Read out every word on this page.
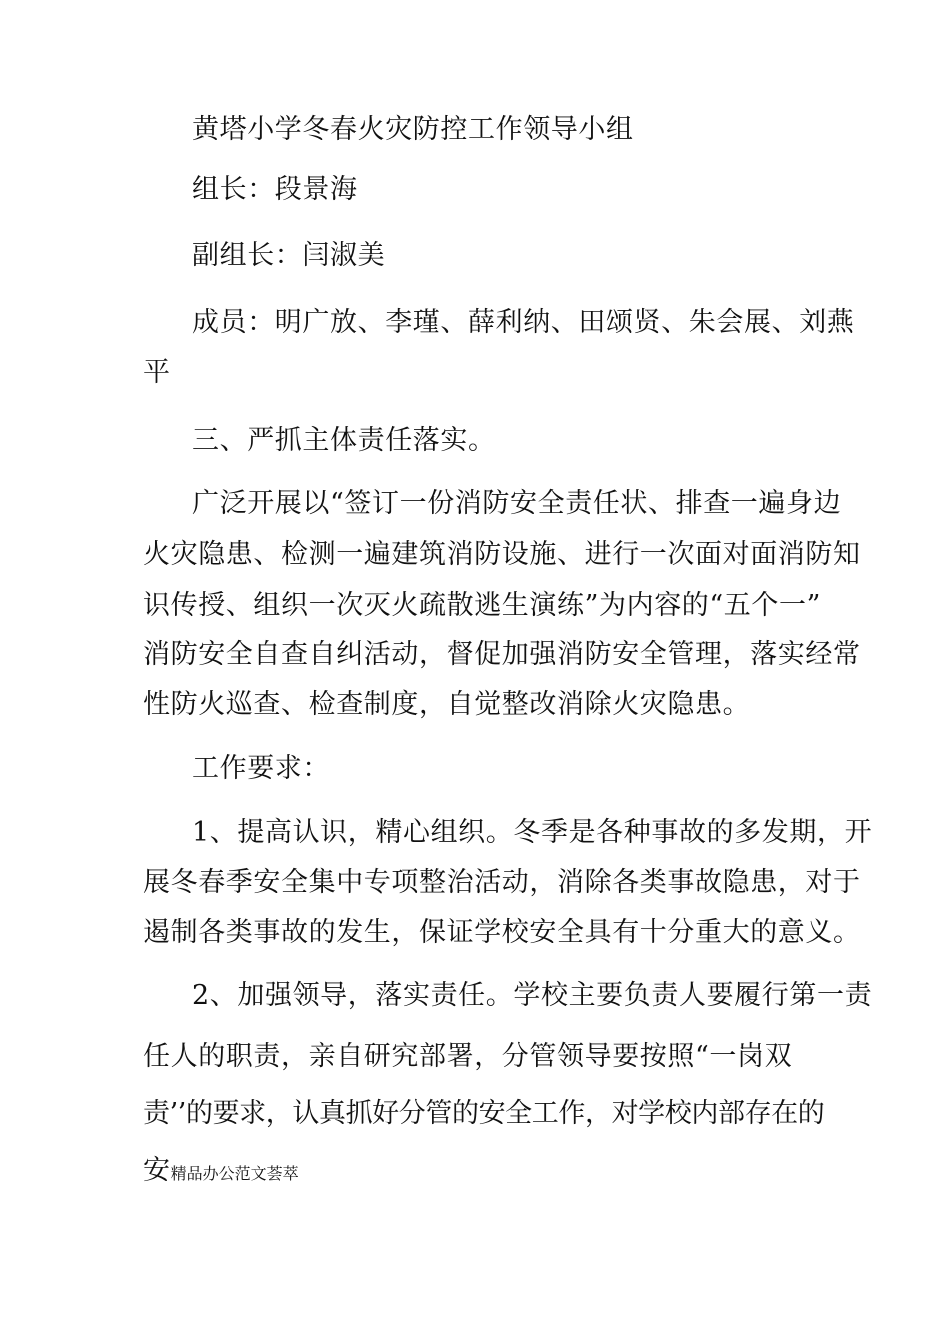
黄塔小学冬春火灾防控工作领导小组
组长：段景海
副组长：闫淑美
成员：明广放、李瑾、薛利纳、田颂贤、朱会展、刘燕
平
三、严抓主体责任落实。
广泛开展以“签订一份消防安全责任状、排查一遍身边
火灾隐患、检测一遍建筑消防设施、进行一次面对面消防知
识传授、组织一次灭火疏散逃生演练”为内容的“五个一”
消防安全自查自纠活动，督促加强消防安全管理，落实经常
性防火巡查、检查制度，自觉整改消除火灾隐患。
工作要求：
1、提高认识，精心组织。冬季是各种事故的多发期，开
展冬春季安全集中专项整治活动，消除各类事故隐患，对于
遏制各类事故的发生，保证学校安全具有十分重大的意义。
2、加强领导，落实责任。学校主要负责人要履行第一责
任人的职责，亲自研究部署，分管领导要按照“一岗双
责’’的要求，认真抓好分管的安全工作，对学校内部存在的
安精品办公范文荟萃
